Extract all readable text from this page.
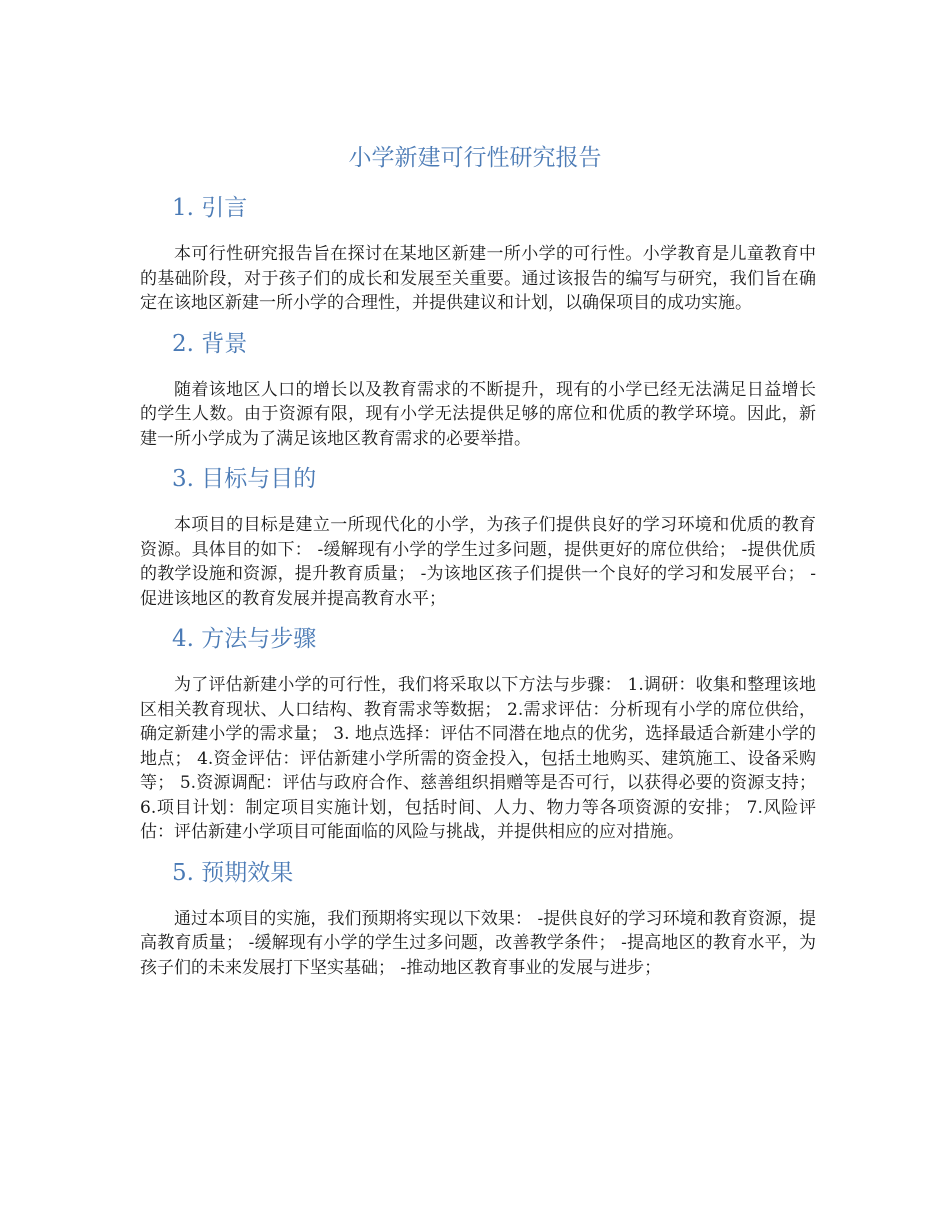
小学新建可行性研究报告
1. 引言

本可行性研究报告旨在探讨在某地区新建一所小学的可行性。小学教育是儿童教育中的基础阶段，对于孩子们的成长和发展至关重要。通过该报告的编写与研究，我们旨在确定在该地区新建一所小学的合理性，并提供建议和计划，以确保项目的成功实施。

2. 背景

随着该地区人口的增长以及教育需求的不断提升，现有的小学已经无法满足日益增长的学生人数。由于资源有限，现有小学无法提供足够的席位和优质的教学环境。因此，新建一所小学成为了满足该地区教育需求的必要举措。

3. 目标与目的

本项目的目标是建立一所现代化的小学，为孩子们提供良好的学习环境和优质的教育资源。具体目的如下： -缓解现有小学的学生过多问题，提供更好的席位供给； -提供优质的教学设施和资源，提升教育质量； -为该地区孩子们提供一个良好的学习和发展平台； -促进该地区的教育发展并提高教育水平；

4. 方法与步骤

为了评估新建小学的可行性，我们将采取以下方法与步骤： 1.调研：收集和整理该地区相关教育现状、人口结构、教育需求等数据； 2.需求评估：分析现有小学的席位供给，确定新建小学的需求量； 3. 地点选择：评估不同潜在地点的优劣，选择最适合新建小学的地点； 4.资金评估：评估新建小学所需的资金投入，包括土地购买、建筑施工、设备采购等； 5.资源调配：评估与政府合作、慈善组织捐赠等是否可行，以获得必要的资源支持； 6.项目计划：制定项目实施计划，包括时间、人力、物力等各项资源的安排； 7.风险评估：评估新建小学项目可能面临的风险与挑战，并提供相应的应对措施。

5. 预期效果

通过本项目的实施，我们预期将实现以下效果： -提供良好的学习环境和教育资源，提高教育质量； -缓解现有小学的学生过多问题，改善教学条件； -提高地区的教育水平，为孩子们的未来发展打下坚实基础； -推动地区教育事业的发展与进步；
